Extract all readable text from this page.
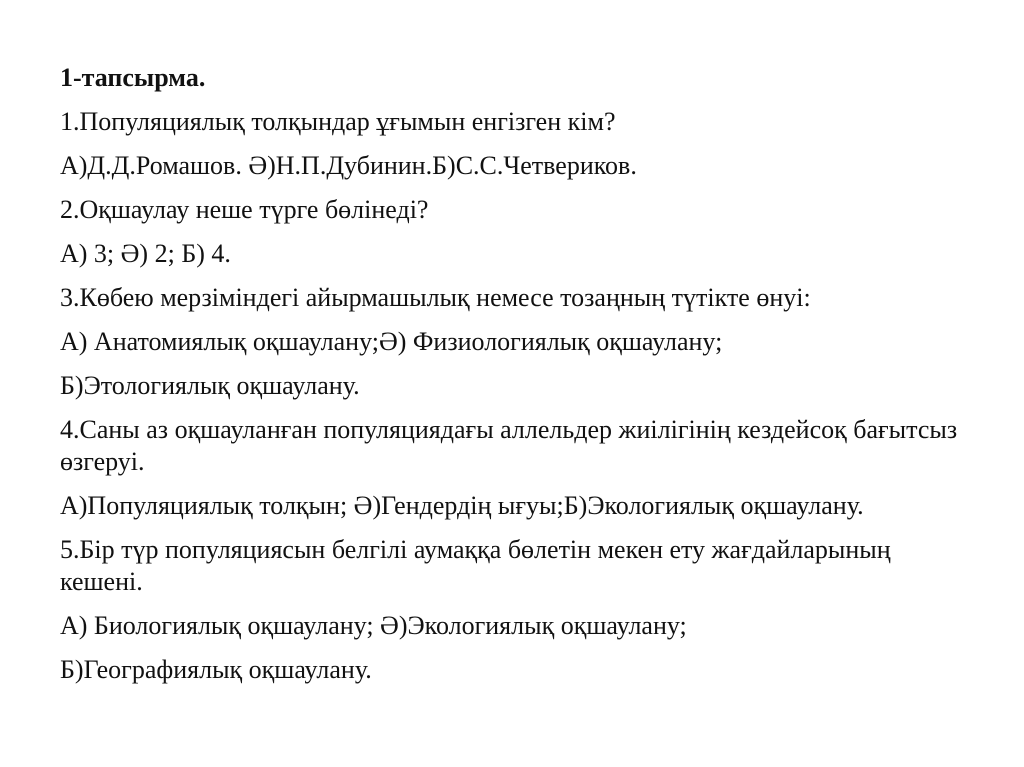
1-тапсырма.
1.Популяциялық толқындар ұғымын енгізген кім?
А)Д.Д.Ромашов. Ә)Н.П.Дубинин.Б)С.С.Четвериков.
2.Оқшаулау неше түрге бөлінеді?
А) 3; Ә) 2; Б) 4.
3.Көбею мерзіміндегі айырмашылық немесе тозаңның түтікте өнуі:
А) Анатомиялық оқшаулану;Ә) Физиологиялық оқшаулану;
Б)Этологиялық оқшаулану.
4.Саны аз оқшауланған популяциядағы аллельдер жиілігінің кездейсоқ бағытсыз өзгеруі.
А)Популяциялық толқын; Ә)Гендердің ығуы;Б)Экологиялық оқшаулану.
5.Бір түр популяциясын белгілі аумаққа бөлетін мекен ету жағдайларының кешені.
А) Биологиялық оқшаулану; Ә)Экологиялық оқшаулану;
Б)Географиялық оқшаулану.
